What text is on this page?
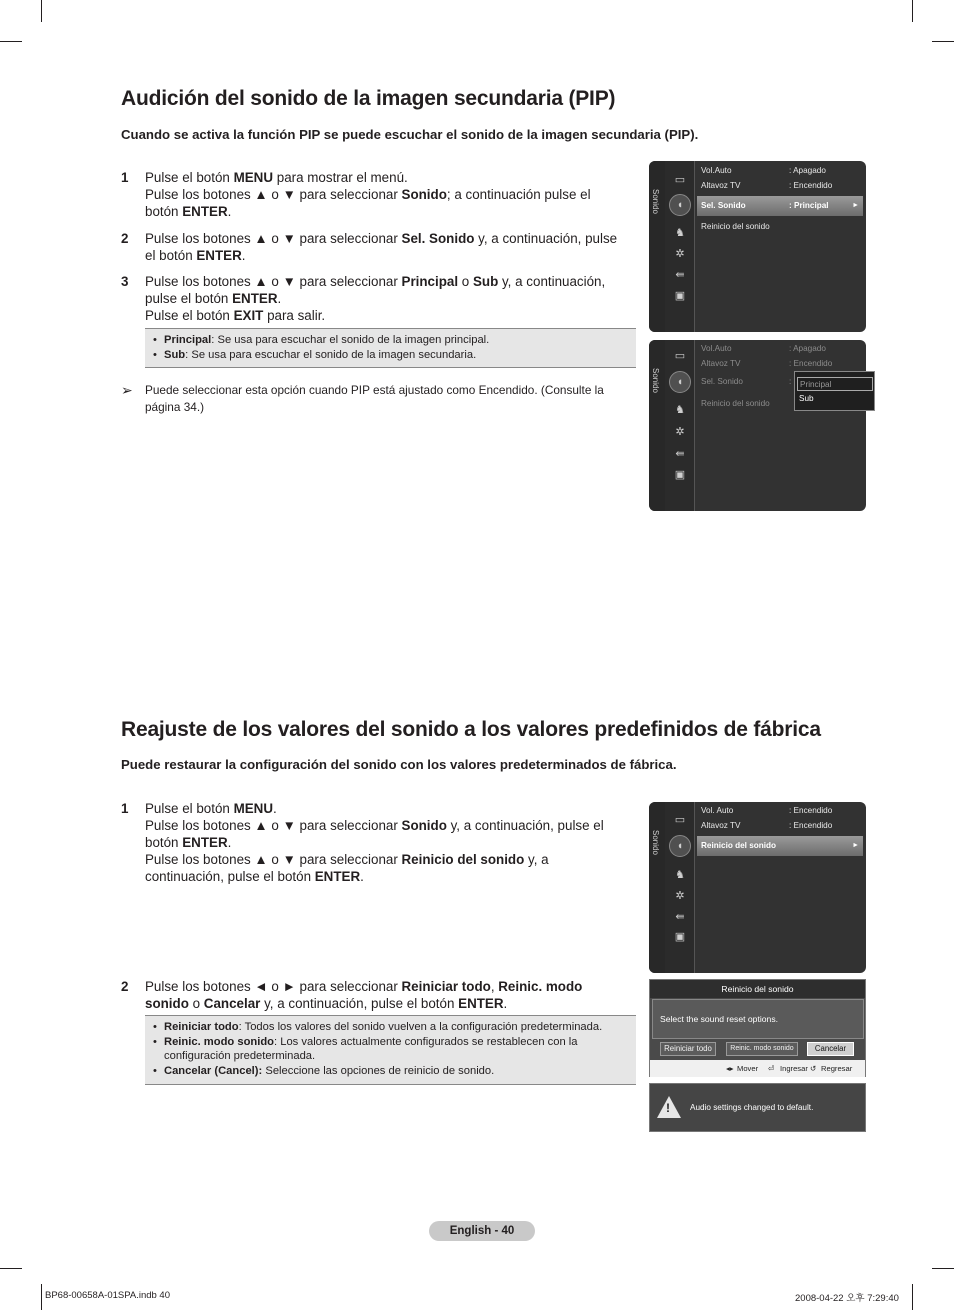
Audición del sonido de la imagen secundaria (PIP)
Cuando se activa la función PIP se puede escuchar el sonido de la imagen secundaria (PIP).
1 Pulse el botón MENU para mostrar el menú.
Pulse los botones ▲ o ▼ para seleccionar Sonido; a continuación pulse el
botón ENTER.
2 Pulse los botones ▲ o ▼ para seleccionar Sel. Sonido y, a continuación, pulse
el botón ENTER.
3 Pulse los botones ▲ o ▼ para seleccionar Principal o Sub y, a continuación,
pulse el botón ENTER.
Pulse el botón EXIT para salir.
• Principal: Se usa para escuchar el sonido de la imagen principal.
• Sub: Se usa para escuchar el sonido de la imagen secundaria.
➢ Puede seleccionar esta opción cuando PIP está ajustado como Encendido. (Consulte la
página 34.)
Sonido
▭
◖
♞
✲
⇚
▣
Vol.Auto	: Apagado
Altavoz TV	: Encendido
Sel. Sonido	: Principal	►
Reinicio del sonido
Sonido
▭
◖
♞
✲
⇚
▣
Vol.Auto	: Apagado
Altavoz TV	: Encendido
Sel. Sonido	:
Reinicio del sonido
Principal
Sub
Reajuste de los valores del sonido a los valores predefinidos de fábrica
Puede restaurar la configuración del sonido con los valores predeterminados de fábrica.
1 Pulse el botón MENU.
Pulse los botones ▲ o ▼ para seleccionar Sonido y, a continuación, pulse el
botón ENTER.
Pulse los botones ▲ o ▼ para seleccionar Reinicio del sonido y, a
continuación, pulse el botón ENTER.
2 Pulse los botones ◄ o ► para seleccionar Reiniciar todo, Reinic. modo
sonido o Cancelar y, a continuación, pulse el botón ENTER.
• Reiniciar todo: Todos los valores del sonido vuelven a la configuración predeterminada.
• Reinic. modo sonido: Los valores actualmente configurados se restablecen con la
configuración predeterminada.
• Cancelar (Cancel): Seleccione las opciones de reinicio de sonido.
Sonido
▭
◖
♞
✲
⇚
▣
Vol. Auto	: Encendido
Altavoz TV	: Encendido
Reinicio del sonido	►
Reinicio del sonido
Select the sound reset options.
Reiniciar todo	Reinic. modo sonido	Cancelar
◂▸ Mover ⏎ Ingresar ↺ Regresar
! Audio settings changed to default.
English - 40
BP68-00658A-01SPA.indb 40	2008-04-22 오후 7:29:40
